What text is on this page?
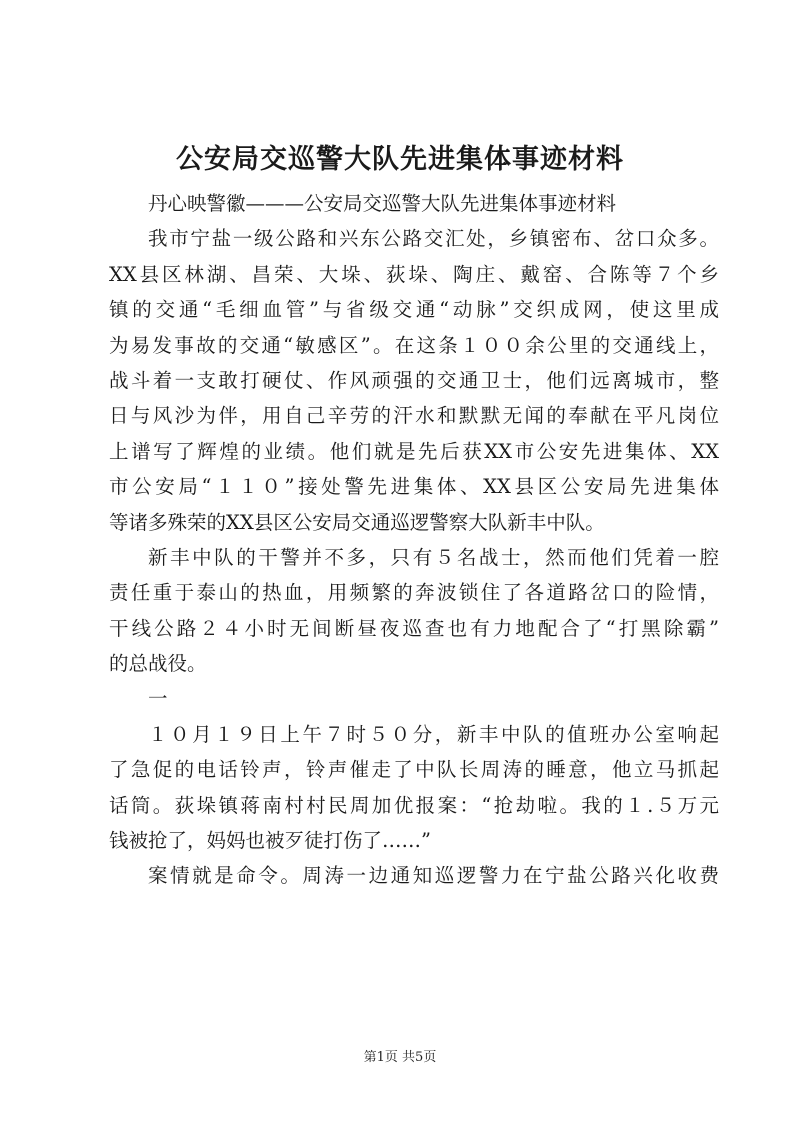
公安局交巡警大队先进集体事迹材料
丹心映警徽———公安局交巡警大队先进集体事迹材料
我市宁盐一级公路和兴东公路交汇处，乡镇密布、岔口众多。
XX县区林湖、昌荣、大垛、荻垛、陶庄、戴窑、合陈等７个乡
镇的交通“毛细血管”与省级交通“动脉”交织成网，使这里成
为易发事故的交通“敏感区”。在这条１００余公里的交通线上，
战斗着一支敢打硬仗、作风顽强的交通卫士，他们远离城市，整
日与风沙为伴，用自己辛劳的汗水和默默无闻的奉献在平凡岗位
上谱写了辉煌的业绩。他们就是先后获XX市公安先进集体、XX
市公安局“１１０”接处警先进集体、XX县区公安局先进集体
等诸多殊荣的XX县区公安局交通巡逻警察大队新丰中队。
新丰中队的干警并不多，只有５名战士，然而他们凭着一腔
责任重于泰山的热血，用频繁的奔波锁住了各道路岔口的险情，
干线公路２４小时无间断昼夜巡查也有力地配合了“打黑除霸”
的总战役。
一
１０月１９日上午７时５０分，新丰中队的值班办公室响起
了急促的电话铃声，铃声催走了中队长周涛的睡意，他立马抓起
话筒。荻垛镇蒋南村村民周加优报案：“抢劫啦。我的１.５万元
钱被抢了，妈妈也被歹徒打伤了……”
案情就是命令。周涛一边通知巡逻警力在宁盐公路兴化收费
第1页 共5页
